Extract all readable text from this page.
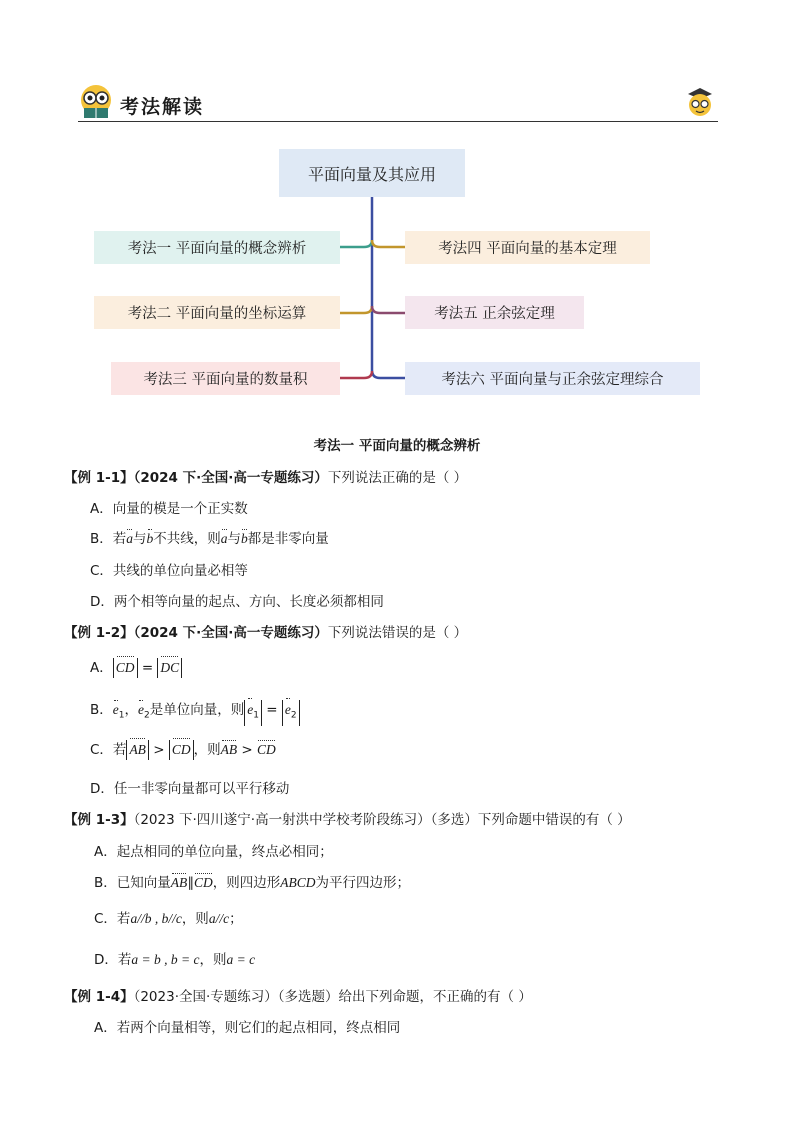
考法解读
平面向量及其应用
考法一 平面向量的概念辨析
考法二 平面向量的坐标运算
考法三 平面向量的数量积
考法四 平面向量的基本定理
考法五 正余弦定理
考法六 平面向量与正余弦定理综合
考法一 平面向量的概念辨析
【例 1-1】（2024 下·全国·高一专题练习）下列说法正确的是（ ）
A．向量的模是一个正实数
B．若a与b不共线，则a与b都是非零向量
C．共线的单位向量必相等
D．两个相等向量的起点、方向、长度必须都相同
【例 1-2】（2024 下·全国·高一专题练习）下列说法错误的是（ ）
A． CD = DC
B．$e_1$，$e_2$是单位向量，则 $e_1 = e_2$
C．若 AB > CD ，则AB > CD
D．任一非零向量都可以平行移动
【例 1-3】（2023 下·四川遂宁·高一射洪中学校考阶段练习）（多选）下列命题中错误的有（ ）
A．起点相同的单位向量，终点必相同；
B．已知向量AB∥CD，则四边形ABCD为平行四边形；
C．若a//b , b//c，则a//c；
D．若a = b , b = c，则a = c
【例 1-4】（2023·全国·专题练习）（多选题）给出下列命题，不正确的有（ ）
A．若两个向量相等，则它们的起点相同，终点相同
